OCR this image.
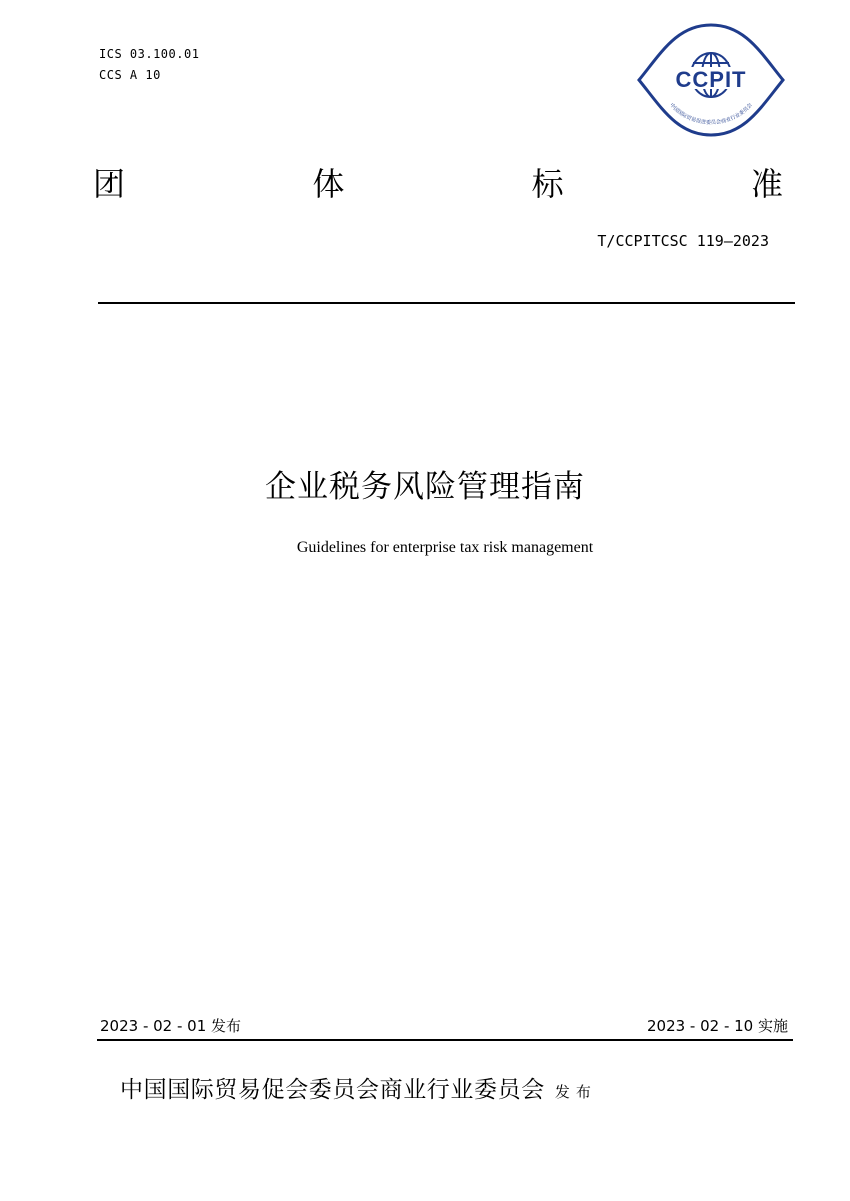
ICS 03.100.01
CCS A 10	CCPIT
中国国际贸易促进委员会商业行业委员会
团	体	标	准
T/CCPITCSC 119—2023
企业税务风险管理指南
Guidelines for enterprise tax risk management
2023 - 02 - 01 发布	2023 - 02 - 10 实施
中国国际贸易促会委员会商业行业委员会 发布
